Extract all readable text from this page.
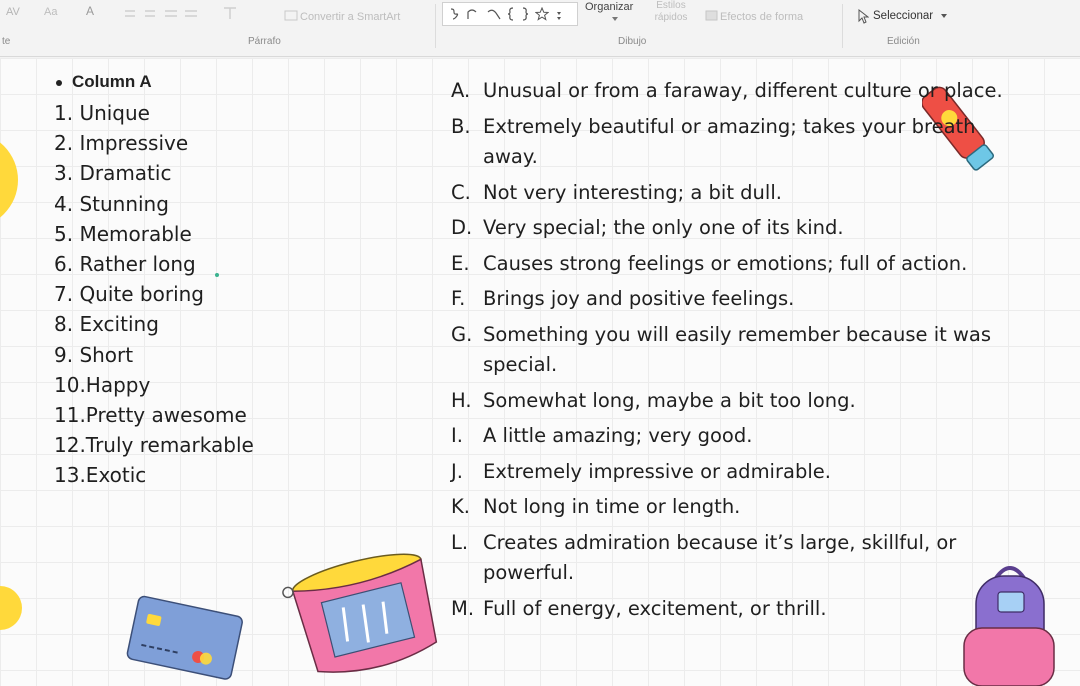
AV Aa A	Convertir a SmartArt
Organizar	Estilos rápidos	Efectos de forma	Seleccionar
te	Párrafo	Dibujo	Edición
Column A
1. Unique
2. Impressive
3. Dramatic
4. Stunning
5. Memorable
6. Rather long
7. Quite boring
8. Exciting
9. Short
10.Happy
11.Pretty awesome
12.Truly remarkable
13.Exotic
A. Unusual or from a faraway, different culture or place.
B. Extremely beautiful or amazing; takes your breath away.
C. Not very interesting; a bit dull.
D. Very special; the only one of its kind.
E. Causes strong feelings or emotions; full of action.
F. Brings joy and positive feelings.
G. Something you will easily remember because it was special.
H. Somewhat long, maybe a bit too long.
I.	A little amazing; very good.
J.	Extremely impressive or admirable.
K. Not long in time or length.
L. Creates admiration because it’s large, skillful, or powerful.
M. Full of energy, excitement, or thrill.
